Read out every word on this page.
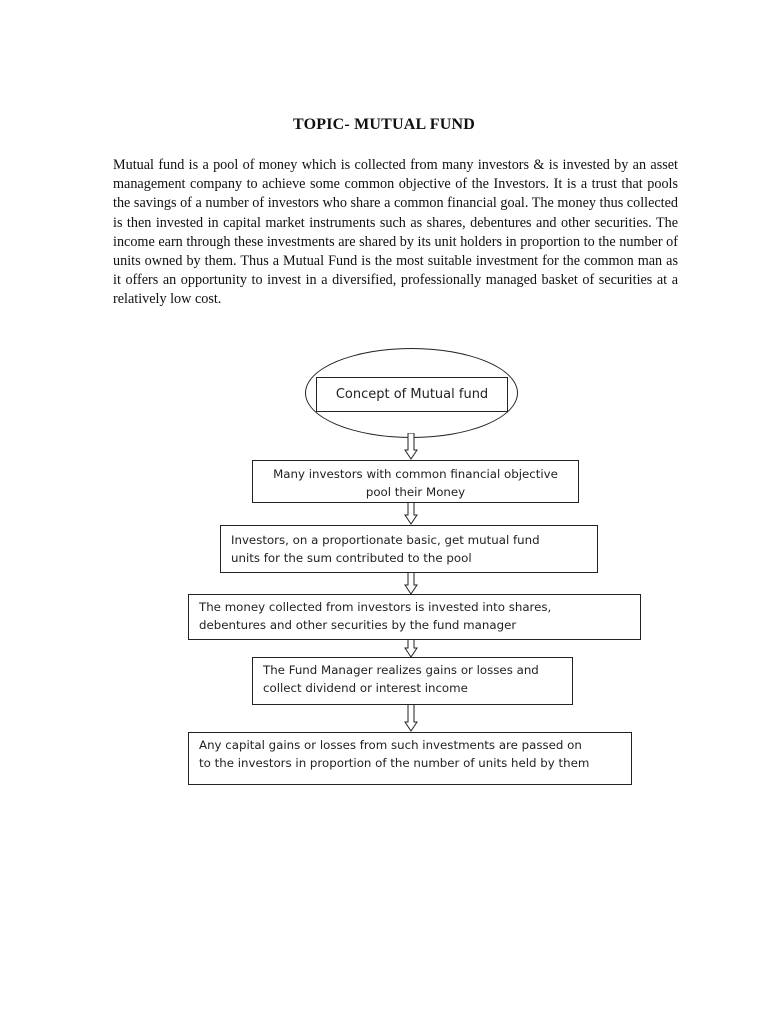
TOPIC- MUTUAL FUND

Mutual fund is a pool of money which is collected from many investors & is invested by an asset management company to achieve some common objective of the Investors. It is a trust that pools the savings of a number of investors who share a common financial goal. The money thus collected is then invested in capital market instruments such as shares, debentures and other securities. The income earn through these investments are shared by its unit holders in proportion to the number of units owned by them. Thus a Mutual Fund is the most suitable investment for the common man as it offers an opportunity to invest in a diversified, professionally managed basket of securities at a relatively low cost.

Concept of Mutual fund
Many investors with common financial objective
pool their Money
Investors, on a proportionate basic, get mutual fund
units for the sum contributed to the pool
The money collected from investors is invested into shares,
debentures and other securities by the fund manager
The Fund Manager realizes gains or losses and
collect dividend or interest income
Any capital gains or losses from such investments are passed on
to the investors in proportion of the number of units held by them
